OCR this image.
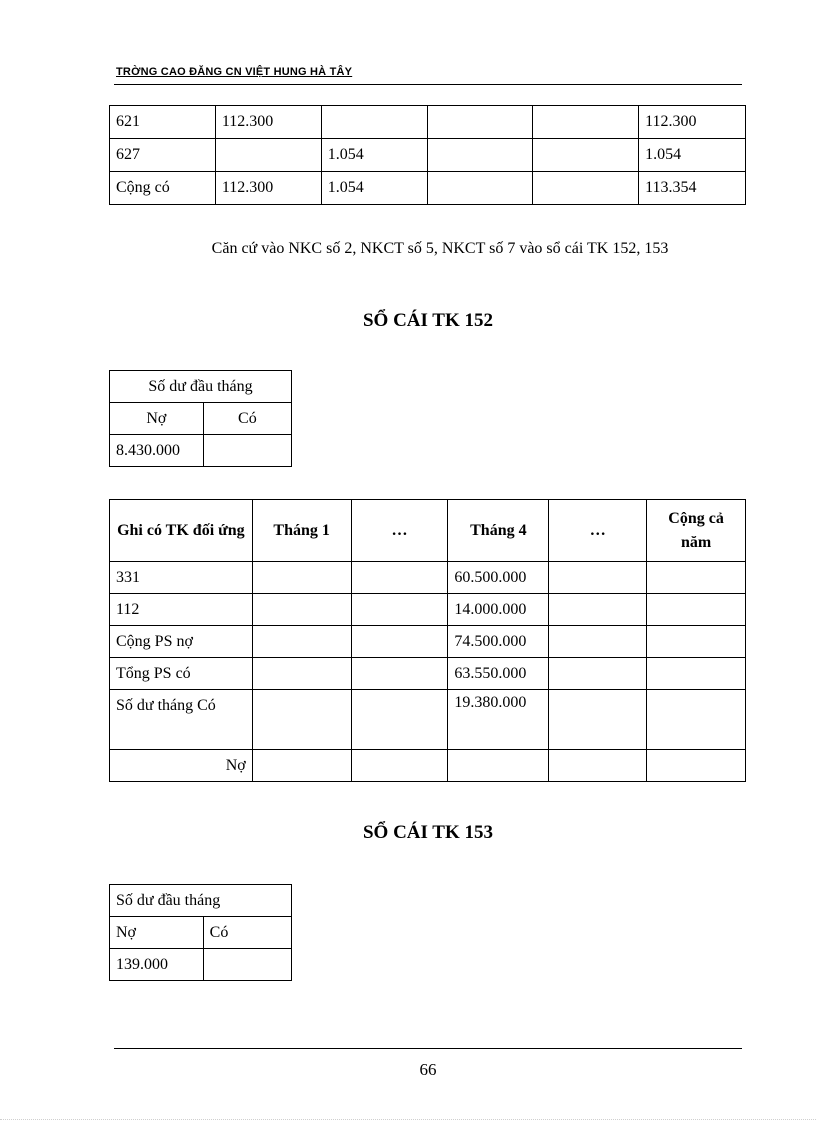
TRỜNG CAO ĐĂNG CN VIỆT HUNG HÀ TÂY
621	112.300				112.300
627		1.054			1.054
Cộng có	112.300	1.054			113.354
Căn cứ vào NKC số 2, NKCT số 5, NKCT số 7 vào sổ cái TK 152, 153
SỔ CÁI TK 152
Số dư đầu tháng	
Nợ	Có
8.430.000	
Ghi có TK đối ứng	Tháng 1	…	Tháng 4	…	Cộng cả năm
331			60.500.000		
112			14.000.000		
Cộng PS nợ			74.500.000		
Tổng PS có			63.550.000		
Số dư tháng Có			19.380.000		
Nợ					
SỔ CÁI TK 153
Số dư đầu tháng	
Nợ	Có
139.000	
66
